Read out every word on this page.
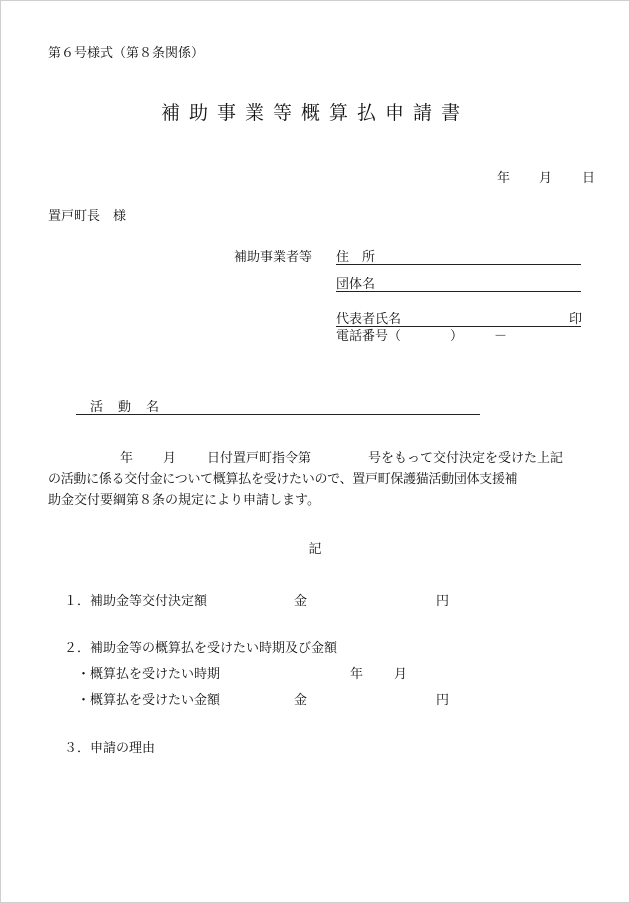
第６号様式（第８条関係）
補助事業等概算払申請書
年 月 日
置戸町長　様
補助事業者等 住　所
団体名
代表者氏名	印
電話番号（	） －
活　動　名
年 月 日付置戸町指令第	号をもって交付決定を受けた上記
の活動に係る交付金について概算払を受けたいので、置戸町保護猫活動団体支援補
助金交付要綱第８条の規定により申請します。
記
１．補助金等交付決定額	金	円
２．補助金等の概算払を受けたい時期及び金額
・概算払を受けたい時期	年 月
・概算払を受けたい金額	金	円
３．申請の理由
